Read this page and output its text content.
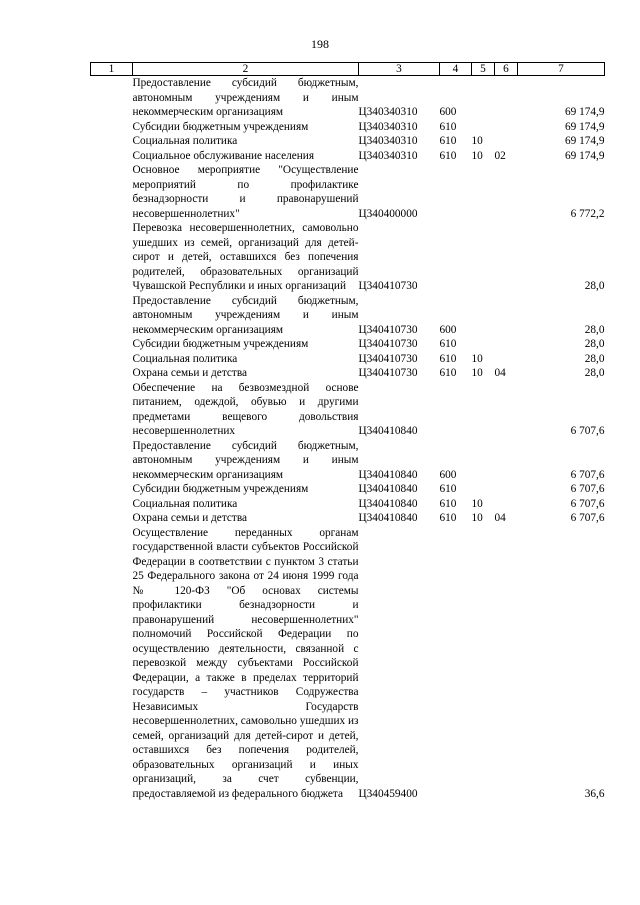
198
1	2	3	4	5	6	7
	Предоставление субсидий бюджетным, автономным учреждениям и иным некоммерческим организациям	Ц340340310	600			69 174,9
	Субсидии бюджетным учреждениям	Ц340340310	610			69 174,9
	Социальная политика	Ц340340310	610	10		69 174,9
	Социальное обслуживание населения	Ц340340310	610	10	02	69 174,9
	Основное мероприятие "Осуществление мероприятий по профилактике безнадзорности и правонарушений несовершеннолетних"	Ц340400000				6 772,2
	Перевозка несовершеннолетних, самовольно ушедших из семей, организаций для детей-сирот и детей, оставшихся без попечения родителей, образовательных организаций Чувашской Республики и иных организаций	Ц340410730				28,0
	Предоставление субсидий бюджетным, автономным учреждениям и иным некоммерческим организациям	Ц340410730	600			28,0
	Субсидии бюджетным учреждениям	Ц340410730	610			28,0
	Социальная политика	Ц340410730	610	10		28,0
	Охрана семьи и детства	Ц340410730	610	10	04	28,0
	Обеспечение на безвозмездной основе питанием, одеждой, обувью и другими предметами вещевого довольствия несовершеннолетних	Ц340410840				6 707,6
	Предоставление субсидий бюджетным, автономным учреждениям и иным некоммерческим организациям	Ц340410840	600			6 707,6
	Субсидии бюджетным учреждениям	Ц340410840	610			6 707,6
	Социальная политика	Ц340410840	610	10		6 707,6
	Охрана семьи и детства	Ц340410840	610	10	04	6 707,6
	Осуществление переданных органам государственной власти субъектов Российской Федерации в соответствии с пунктом 3 статьи 25 Федерального закона от 24 июня 1999 года № 120-ФЗ "Об основах системы профилактики безнадзорности и правонарушений несовершеннолетних" полномочий Российской Федерации по осуществлению деятельности, связанной с перевозкой между субъектами Российской Федерации, а также в пределах территорий государств – участников Содружества Независимых Государств несовершеннолетних, самовольно ушедших из семей, организаций для детей-сирот и детей, оставшихся без попечения родителей, образовательных организаций и иных организаций, за счет субвенции, предоставляемой из федерального бюджета	Ц340459400				36,6
